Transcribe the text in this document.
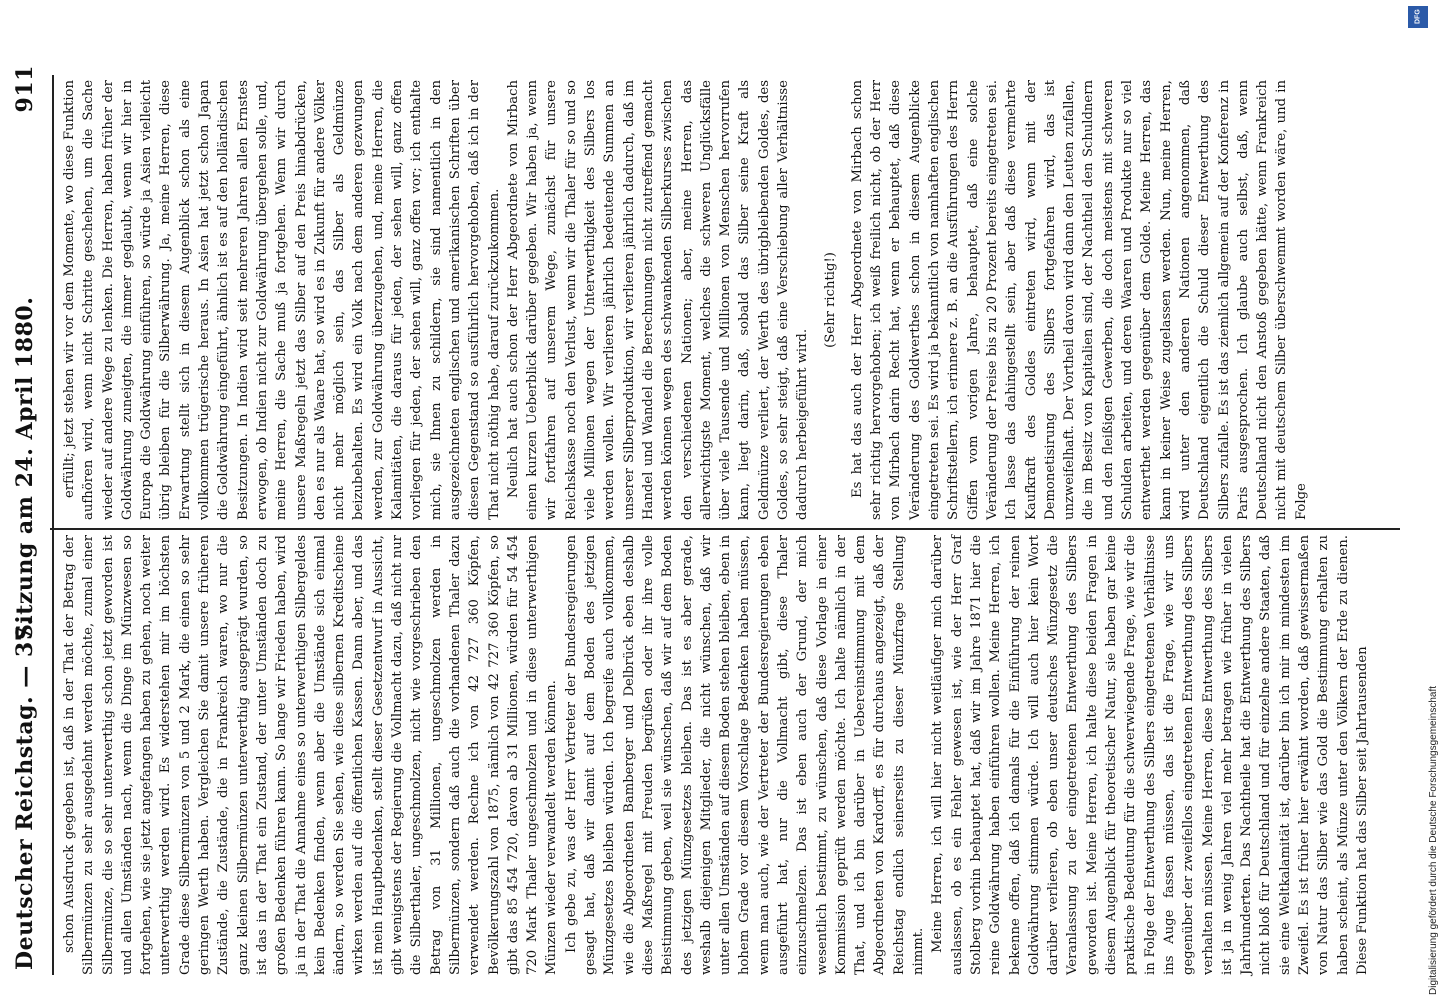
Deutscher Reichstag. — 37.
Sitzung am 24. April 1880.
911

schon Ausdruck gegeben ist, daß in der That der Betrag der Silbermünzen zu sehr ausgedehnt werden möchte, zumal einer Silbermünze, die so sehr unterwerthig schon jetzt geworden ist und allen Umständen nach, wenn die Dinge im Münzwesen so fortgehen, wie sie jetzt angefangen haben zu gehen, noch weiter unterwerthig werden wird. Es widerstehen mir im höchsten Grade diese Silbermünzen von 5 und 2 Mark, die einen so sehr geringen Werth haben. Vergleichen Sie damit unsere früheren Zustände, die Zustände, die in Frankreich waren, wo nur die ganz kleinen Silbermünzen unterwerthig ausgeprägt wurden, so ist das in der That ein Zustand, der unter Umständen doch zu großen Bedenken führen kann. So lange wir Frieden haben, wird ja in der That die Annahme eines so unterwerthigen Silbergeldes kein Bedenken finden, wenn aber die Umstände sich einmal ändern, so werden Sie sehen, wie diese silbernen Kreditscheine wirken werden auf die öffentlichen Kassen. Dann aber, und das ist mein Hauptbedenken, stellt dieser Gesetzentwurf in Aussicht, gibt wenigstens der Regierung die Vollmacht dazu, daß nicht nur die Silberthaler, ungeschmolzen, nicht wie vorgeschrieben den Betrag von 31 Millionen, ungeschmolzen werden in Silbermünzen, sondern daß auch die vorhandenen Thaler dazu verwendet werden. Rechne ich von 42 727 360 Köpfen, Bevölkerungszahl von 1875, nämlich von 42 727 360 Köpfen, so gibt das 85 454 720, davon ab 31 Millionen, würden für 54 454 720 Mark Thaler ungeschmolzen und in diese unterwerthigen Münzen wieder verwandelt werden können. Ich gebe zu, was der Herr Vertreter der Bundesregierungen gesagt hat, daß wir damit auf dem Boden des jetzigen Münzgesetzes bleiben würden. Ich begreife auch vollkommen, wie die Abgeordneten Bamberger und Delbrück eben deshalb diese Maßregel mit Freuden begrüßen oder ihr ihre volle Beistimmung geben, weil sie wünschen, daß wir auf dem Boden des jetzigen Münzgesetzes bleiben. Das ist es aber gerade, weshalb diejenigen Mitglieder, die nicht wünschen, daß wir unter allen Umständen auf diesem Boden stehen bleiben, eben in hohem Grade vor diesem Vorschlage Bedenken haben müssen, wenn man auch, wie der Vertreter der Bundesregierungen eben ausgeführt hat, nur die Vollmacht gibt, diese Thaler einzuschmelzen. Das ist eben auch der Grund, der mich wesentlich bestimmt, zu wünschen, daß diese Vorlage in einer Kommission geprüft werden möchte. Ich halte nämlich in der That, und ich bin darüber in Uebereinstimmung mit dem Abgeordneten von Kardorff, es für durchaus angezeigt, daß der Reichstag endlich seinerseits zu dieser Münzfrage Stellung nimmt. Meine Herren, ich will hier nicht weitläufiger mich darüber auslassen, ob es ein Fehler gewesen ist, wie der Herr Graf Stolberg vorhin behauptet hat, daß wir im Jahre 1871 hier die reine Goldwährung haben einführen wollen. Meine Herren, ich bekenne offen, daß ich damals für die Einführung der reinen Goldwährung stimmen würde. Ich will auch hier kein Wort darüber verlieren, ob eben unser deutsches Münzgesetz die Veranlassung zu der eingetretenen Entwerthung des Silbers geworden ist. Meine Herren, ich halte diese beiden Fragen in diesem Augenblick für theoretischer Natur, sie haben gar keine praktische Bedeutung für die schwerwiegende Frage, wie wir die in Folge der Entwerthung des Silbers eingetretenen Verhältnisse ins Auge fassen müssen, das ist die Frage, wie wir uns gegenüber der zweifellos eingetretenen Entwerthung des Silbers verhalten müssen. Meine Herren, diese Entwerthung des Silbers ist ja in wenig Jahren viel mehr betragen wie früher in vielen Jahrhunderten. Das Nachtheile hat die Entwerthung des Silbers nicht bloß für Deutschland und für einzelne andere Staaten, daß sie eine Weltkalamität ist, darüber bin ich mir im mindesten im Zweifel. Es ist früher hier erwähnt worden, daß gewissermaßen von Natur das Silber wie das Gold die Bestimmung erhalten zu haben scheint, als Münze unter den Völkern der Erde zu dienen. Diese Funktion hat das Silber seit Jahrtausenden

erfüllt; jetzt stehen wir vor dem Momente, wo diese Funktion aufhören wird, wenn nicht Schritte geschehen, um die Sache wieder auf andere Wege zu lenken. Die Herren, haben früher der Goldwährung zuneigten, die immer geglaubt, wenn wir hier in Europa die Goldwährung einführen, so würde ja Asien vielleicht übrig bleiben für die Silberwährung. Ja, meine Herren, diese Erwartung stellt sich in diesem Augenblick schon als eine vollkommen trügerische heraus. In Asien hat jetzt schon Japan die Goldwährung eingeführt, ähnlich ist es auf den holländischen Besitzungen. In Indien wird seit mehreren Jahren allen Ernstes erwogen, ob Indien nicht zur Goldwährung übergehen solle, und, meine Herren, die Sache muß ja fortgehen. Wenn wir durch unsere Maßregeln jetzt das Silber auf den Preis hinabdrücken, den es nur als Waare hat, so wird es in Zukunft für andere Völker nicht mehr möglich sein, das Silber als Geldmünze beizubehalten. Es wird ein Volk nach dem anderen gezwungen werden, zur Goldwährung überzugehen, und, meine Herren, die Kalamitäten, die daraus für jeden, der sehen will, ganz offen vorliegen für jeden, der sehen will, ganz offen vor; ich enthalte mich, sie Ihnen zu schildern, sie sind namentlich in den ausgezeichneten englischen und amerikanischen Schriften über diesen Gegenstand so ausführlich hervorgehoben, daß ich in der That nicht nöthig habe, darauf zurückzukommen. Neulich hat auch schon der Herr Abgeordnete von Mirbach einen kurzen Ueberblick darüber gegeben. Wir haben ja, wenn wir fortfahren auf unserem Wege, zunächst für unsere Reichskasse noch den Verlust, wenn wir die Thaler für so und so viele Millionen wegen der Unterwerthigkeit des Silbers los werden wollen. Wir verlieren jährlich bedeutende Summen an unserer Silberproduktion, wir verlieren jährlich dadurch, daß im Handel und Wandel die Berechnungen nicht zutreffend gemacht werden können wegen des schwankenden Silberkurses zwischen den verschiedenen Nationen; aber, meine Herren, das allerwichtigste Moment, welches die schweren Unglücksfälle über viele Tausende und Millionen von Menschen hervorrufen kann, liegt darin, daß, sobald das Silber seine Kraft als Geldmünze verliert, der Werth des übrigbleibenden Goldes, des Goldes, so sehr steigt, daß eine Verschiebung aller Verhältnisse dadurch herbeigeführt wird.

(Sehr richtig!) Es hat das auch der Herr Abgeordnete von Mirbach schon sehr richtig hervorgehoben; ich weiß freilich nicht, ob der Herr von Mirbach darin Recht hat, wenn er behauptet, daß diese Veränderung des Goldwerthes schon in diesem Augenblicke eingetreten sei. Es wird ja bekanntlich von namhaften englischen Schriftstellern, ich erinnere z. B. an die Ausführungen des Herrn Giffen vom vorigen Jahre, behauptet, daß eine solche Veränderung der Preise bis zu 20 Prozent bereits eingetreten sei. Ich lasse das dahingestellt sein, aber daß diese vermehrte Kaufkraft des Goldes eintreten wird, wenn mit der Demonetisirung des Silbers fortgefahren wird, das ist unzweifelhaft. Der Vortheil davon wird dann den Leuten zufallen, die im Besitz von Kapitalien sind, der Nachtheil den Schuldnern und den fleißigen Gewerben, die doch meistens mit schweren Schulden arbeiten, und deren Waaren und Produkte nur so viel entwerthet werden gegenüber dem Golde. Meine Herren, das kann in keiner Weise zugelassen werden. Nun, meine Herren, wird unter den anderen Nationen angenommen, daß Deutschland eigentlich die Schuld dieser Entwerthung des Silbers zufalle. Es ist das ziemlich allgemein auf der Konferenz in Paris ausgesprochen. Ich glaube auch selbst, daß, wenn Deutschland nicht den Anstoß gegeben hätte, wenn Frankreich nicht mit deutschem Silber überschwemmt worden wäre, und in Folge

DFG
Digitalisierung gefördert durch die Deutsche Forschungsgemeinschaft
